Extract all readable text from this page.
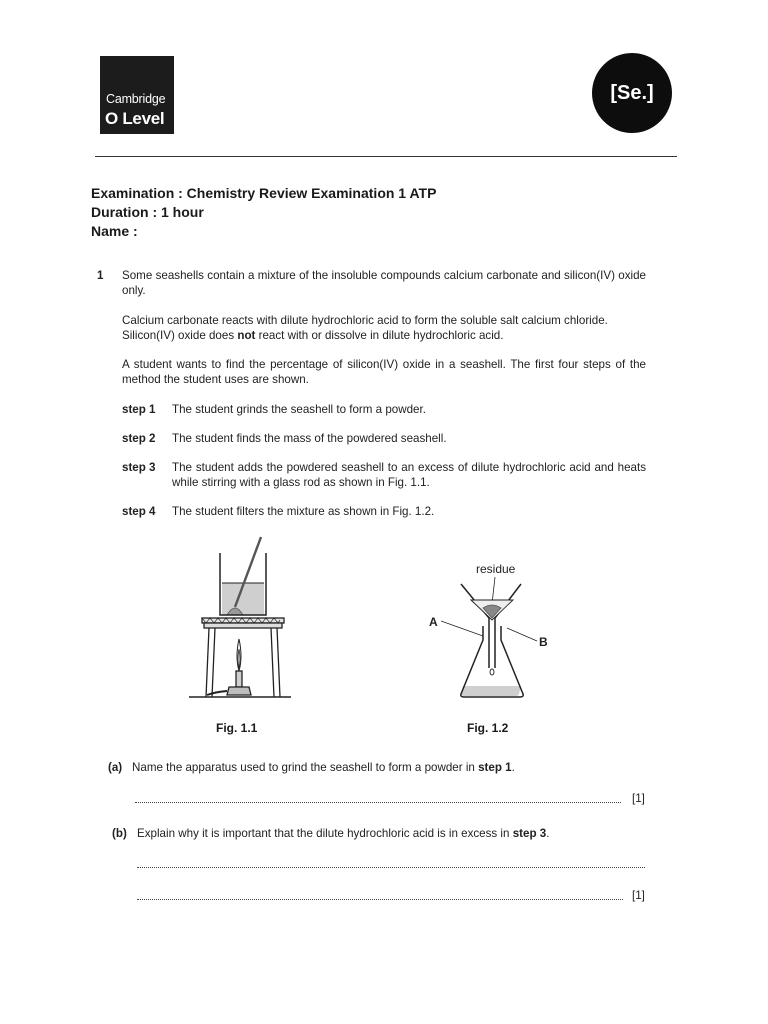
Cambridge
O Level
[Se.]
Examination : Chemistry Review Examination 1 ATP
Duration : 1 hour
Name :
1 Some seashells contain a mixture of the insoluble compounds calcium carbonate and silicon(IV) oxide only.
Calcium carbonate reacts with dilute hydrochloric acid to form the soluble salt calcium chloride.
Silicon(IV) oxide does not react with or dissolve in dilute hydrochloric acid.
A student wants to find the percentage of silicon(IV) oxide in a seashell. The first four steps of the method the student uses are shown.
step 1 The student grinds the seashell to form a powder.
step 2 The student finds the mass of the powdered seashell.
step 3 The student adds the powdered seashell to an excess of dilute hydrochloric acid and heats while stirring with a glass rod as shown in Fig. 1.1.
step 4 The student filters the mixture as shown in Fig. 1.2.
Fig. 1.1
residue
A
B
Fig. 1.2
(a) Name the apparatus used to grind the seashell to form a powder in step 1.
[1]
(b) Explain why it is important that the dilute hydrochloric acid is in excess in step 3.
[1]
